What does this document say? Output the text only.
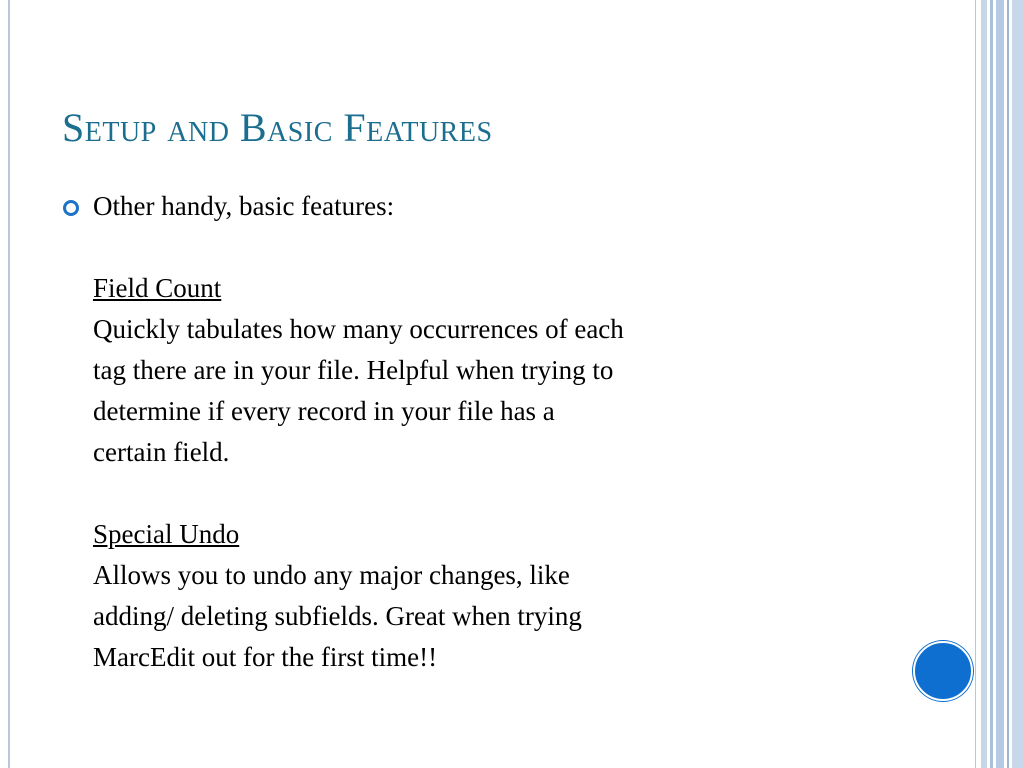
Setup and Basic Features
Other handy, basic features:
Field Count
Quickly tabulates how many occurrences of each
tag there are in your file. Helpful when trying to
determine if every record in your file has a
certain field.
Special Undo
Allows you to undo any major changes, like
adding/ deleting subfields. Great when trying
MarcEdit out for the first time!!
